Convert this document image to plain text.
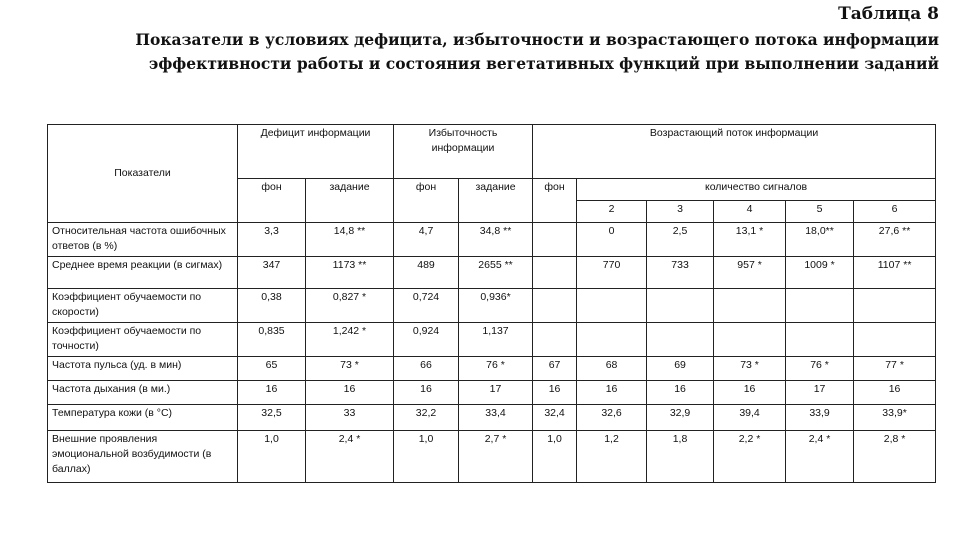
Таблица 8
Показатели в условиях дефицита, избыточности и возрастающего потока информации
эффективности работы и состояния вегетативных функций при выполнении заданий
Показатели	Дефицит информации		Избыточность информации		Возрастающий поток информации					
	фон	задание	фон	задание	фон	количество сигналов				
						2	3	4	5	6
Относительная частота ошибочных ответов (в %)	3,3	14,8 **	4,7	34,8 **		0	2,5	13,1 *	18,0**	27,6 **
Среднее время реакции (в сигмах)	347	1173 **	489	2655 **		770	733	957 *	1009 *	1107 **
Коэффициент обучаемости по скорости)	0,38	0,827 *	0,724	0,936*						
Коэффициент обучаемости по точности)	0,835	1,242 *	0,924	1,137						
Частота пульса (уд. в мин)	65	73 *	66	76 *	67	68	69	73 *	76 *	77 *
Частота дыхания (в ми.)	16	16	16	17	16	16	16	16	17	16
Температура кожи (в °С)	32,5	33	32,2	33,4	32,4	32,6	32,9	39,4	33,9	33,9*
Внешние проявления эмоциональной возбудимости (в баллах)	1,0	2,4 *	1,0	2,7 *	1,0	1,2	1,8	2,2 *	2,4 *	2,8 *
